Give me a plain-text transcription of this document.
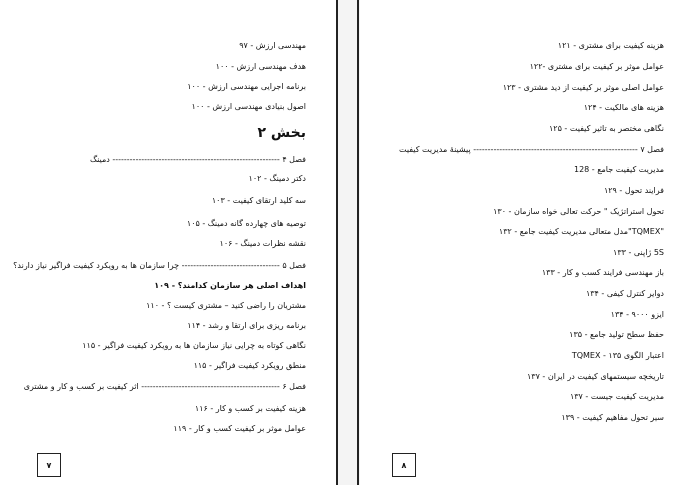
مهندسی ارزش - ۹۷
هدف مهندسی ارزش - ۱۰۰
برنامه اجرایی مهندسی ارزش - ۱۰۰
اصول بنیادی مهندسی ارزش - ۱۰۰
بخش ۲
فصل ۴ ---------------------------------------------------------- دمینگ
دکتر دمینگ - ۱۰۲
سه کلید ارتقای کیفیت - ۱۰۳
توصیه های چهارده گانه دمینگ - ۱۰۵
نقشه نظرات دمینگ - ۱۰۶
فصل ۵ ---------------------------------- چرا سازمان ها به رویکرد کیفیت فراگیر نیاز دارند؟
اهداف اصلی هر سازمان کدامند؟ - ۱۰۹
مشتریان را راضی کنید – مشتری کیست ؟ - ۱۱۰
برنامه ریزی برای ارتقا و رشد - ۱۱۴
نگاهی کوتاه به چرایی نیاز سازمان ها به رویکرد کیفیت فراگیر - ۱۱۵
منطق رویکرد کیفیت فراگیر - ۱۱۵
فصل ۶ ------------------------------------------------ اثر کیفیت بر کسب و کار و مشتری
هزینه کیفیت بر کسب و کار - ۱۱۶
عوامل موثر بر کیفیت کسب و کار - ۱۱۹
۷
هزینه کیفیت برای مشتری - ۱۲۱
عوامل موثر بر کیفیت برای مشتری -۱۲۲
عوامل اصلی موثر بر کیفیت از دید مشتری - ۱۲۳
هزینه های مالکیت - ۱۲۴
نگاهی مختصر به تاثیر کیفیت - ۱۲۵
فصل ۷ --------------------------------------------------------- پیشینهٔ مدیریت کیفیت
مدیریت کیفیت جامع - 128
فرایند تحول - ۱۲۹
تحول استراتژیک " حرکت تعالی خواه سازمان - ۱۳۰
"TQMEX"مدل متعالی مدیریت کیفیت جامع - ۱۳۲
5S ژاپنی - ۱۳۳
باز مهندسی فرایند کسب و کار - ۱۳۳
دوایر کنترل کیفی - ۱۳۴
ایزو ۹۰۰۰ - ۱۳۴
حفظ سطح تولید جامع - ۱۳۵
اعتبار الگوی TQMEX - ۱۳۵
تاریخچه سیستمهای کیفیت در ایران - ۱۳۷
مدیریت کیفیت جیست - ۱۳۷
سیر تحول مفاهیم کیفیت - ۱۳۹
۸
